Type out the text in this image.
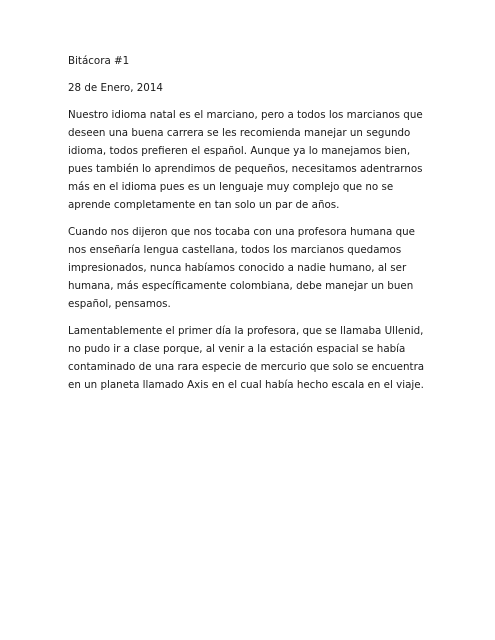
Bitácora #1

28 de Enero, 2014

Nuestro idioma natal es el marciano, pero a todos los marcianos que deseen una buena carrera se les recomienda manejar un segundo idioma, todos prefieren el español. Aunque ya lo manejamos bien, pues también lo aprendimos de pequeños, necesitamos adentrarnos más en el idioma pues es un lenguaje muy complejo que no se aprende completamente en tan solo un par de años.

Cuando nos dijeron que nos tocaba con una profesora humana que nos enseñaría lengua castellana, todos los marcianos quedamos impresionados, nunca habíamos conocido a nadie humano, al ser humana, más específicamente colombiana, debe manejar un buen español, pensamos.

Lamentablemente el primer día la profesora, que se llamaba Ullenid, no pudo ir a clase porque, al venir a la estación espacial se había contaminado de una rara especie de mercurio que solo se encuentra en un planeta llamado Axis en el cual había hecho escala en el viaje.
